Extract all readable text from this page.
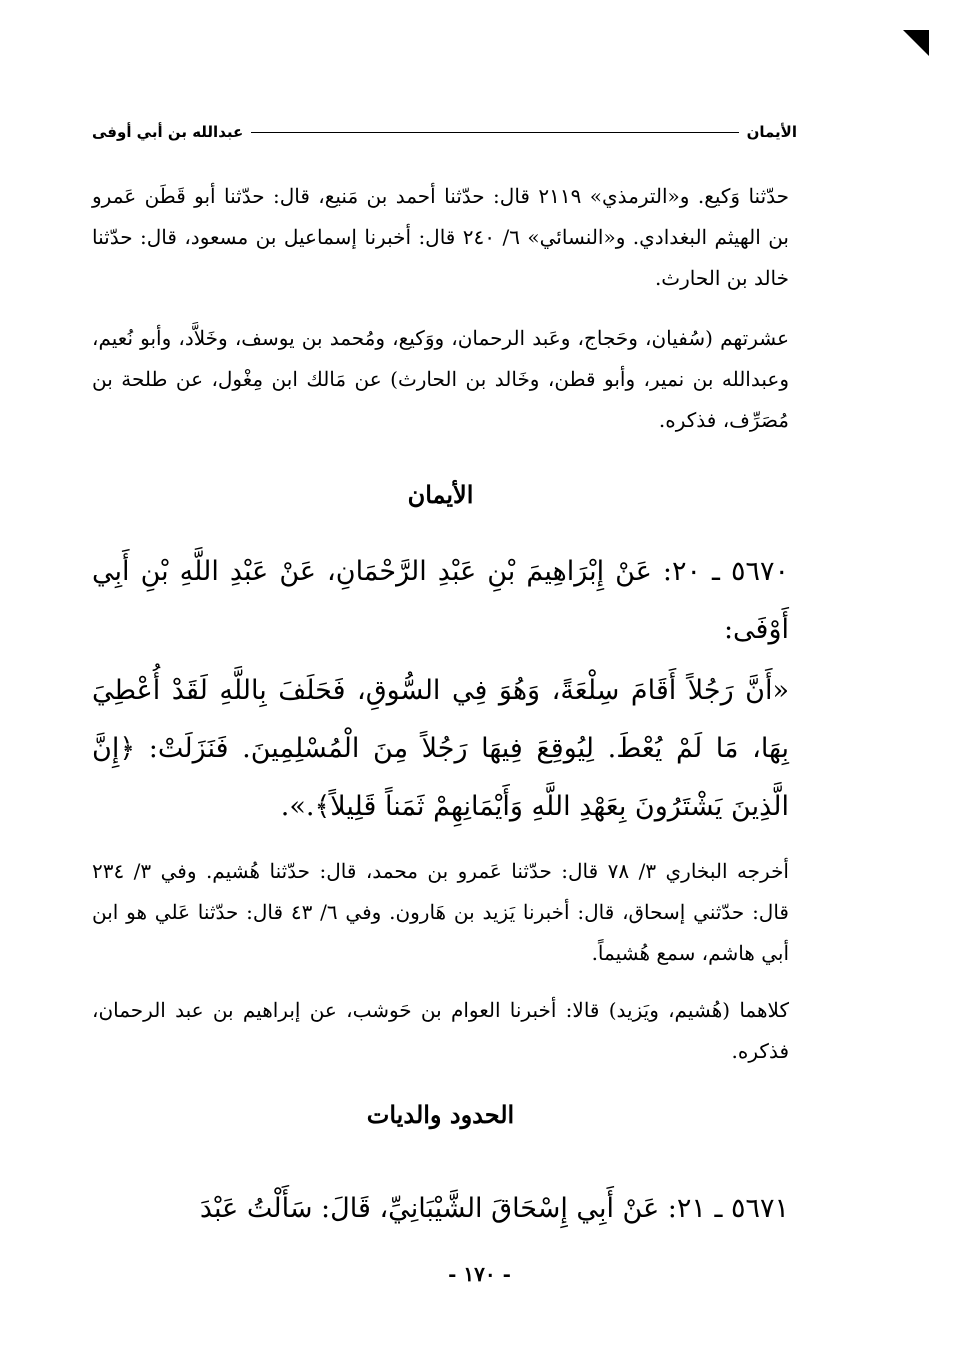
الأيمان
عبدالله بن أبي أوفى
حدّثنا وَكيع. و«الترمذي» ٢١١٩ قال: حدّثنا أحمد بن مَنيع، قال: حدّثنا أبو قَطَن عَمرو بن الهيثم البغدادي. و«النسائي» ٦/ ٢٤٠ قال: أخبرنا إسماعيل بن مسعود، قال: حدّثنا خالد بن الحارث.
عشرتهم (سُفيان، وحَجاج، وعَبد الرحمان، ووَكيع، ومُحمد بن يوسف، وخَلاَّد، وأبو نُعيم، وعبدالله بن نمير، وأبو قطن، وخَالد بن الحارث) عن مَالك ابن مِغْول، عن طلحة بن مُصَرِّف، فذكره.
الأيمان
٥٦٧٠ ـ ٢٠: عَنْ إِبْرَاهِيمَ بْنِ عَبْدِ الرَّحْمَانِ، عَنْ عَبْدِ اللَّهِ بْنِ أَبِي أَوْفَى:
«أَنَّ رَجُلاً أَقَامَ سِلْعَةً، وَهُوَ فِي السُّوقِ، فَحَلَفَ بِاللَّهِ لَقَدْ أُعْطِيَ بِهَا، مَا لَمْ يُعْطَ. لِيُوقِعَ فِيهَا رَجُلاً مِنَ الْمُسْلِمِينَ. فَنَزَلَتْ: ﴿إِنَّ الَّذِينَ يَشْتَرُونَ بِعَهْدِ اللَّهِ وَأَيْمَانِهِمْ ثَمَناً قَلِيلاً﴾.».
أخرجه البخاري ٣/ ٧٨ قال: حدّثنا عَمرو بن محمد، قال: حدّثنا هُشيم. وفي ٣/ ٢٣٤ قال: حدّثني إسحاق، قال: أخبرنا يَزيد بن هَارون. وفي ٦/ ٤٣ قال: حدّثنا عَلي هو ابن أبي هاشم، سمع هُشيماً.
كلاهما (هُشيم، ويَزيد) قالا: أخبرنا العوام بن حَوشب، عن إبراهيم بن عبد الرحمان، فذكره.
الحدود والديات
٥٦٧١ ـ ٢١: عَنْ أَبِي إِسْحَاقَ الشَّيْبَانِيِّ، قَالَ: سَأَلْتُ عَبْدَ
- ١٧٠ -
